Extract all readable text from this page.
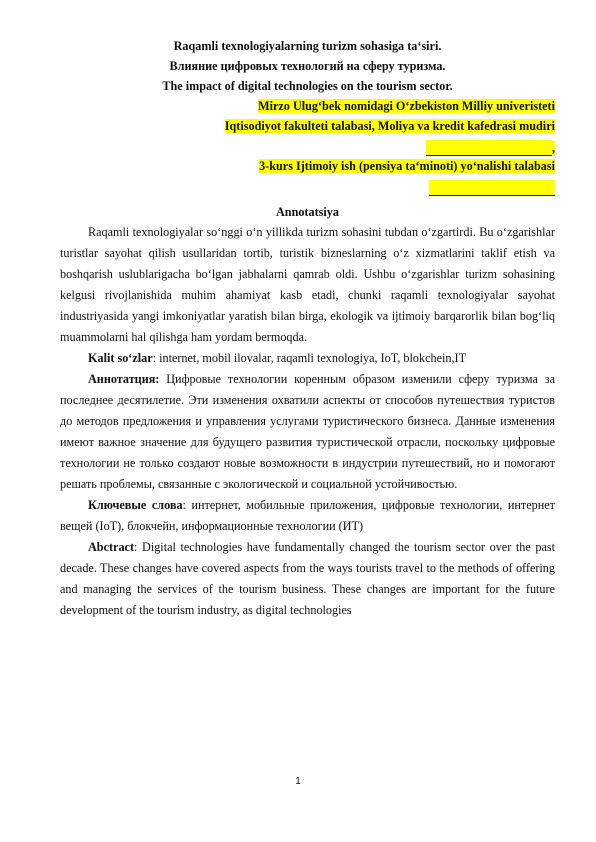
Raqamli texnologiyalarning turizm sohasiga ta‘siri.
Влияние цифровых технологий на сферу туризма.
The impact of digital technologies on the tourism sector.
Mirzo Ulug‘bek nomidagi O‘zbekiston Milliy univeristeti
Iqtisodiyot fakulteti talabasi, Moliya va kredit kafedrasi mudiri
,
3-kurs Ijtimoiy ish (pensiya ta‘minoti) yo‘nalishi talabasi
Annotatsiya

Raqamli texnologiyalar so‘nggi o‘n yillikda turizm sohasini tubdan o‘zgartirdi. Bu o‘zgarishlar turistlar sayohat qilish usullaridan tortib, turistik bizneslarning o‘z xizmatlarini taklif etish va boshqarish uslublarigacha bo‘lgan jabhalarni qamrab oldi. Ushbu o‘zgarishlar turizm sohasining kelgusi rivojlanishida muhim ahamiyat kasb etadi, chunki raqamli texnologiyalar sayohat industriyasida yangi imkoniyatlar yaratish bilan birga, ekologik va ijtimoiy barqarorlik bilan bog‘liq muammolarni hal qilishga ham yordam bermoqda.

Kalit so‘zlar: internet, mobil ilovalar, raqamli texnologiya, IoT, blokchein,IT

Аннотатция: Цифровые технологии коренным образом изменили сферу туризма за последнее десятилетие. Эти изменения охватили аспекты от способов путешествия туристов до методов предложения и управления услугами туристического бизнеса. Данные изменения имеют важное значение для будущего развития туристической отрасли, поскольку цифровые технологии не только создают новые возможности в индустрии путешествий, но и помогают решать проблемы, связанные с экологической и социальной устойчивостью.

Ключевые слова: интернет, мобильные приложения, цифровые технологии, интернет вещей (IoT), блокчейн, информационные технологии (ИТ)

Abctract: Digital technologies have fundamentally changed the tourism sector over the past decade. These changes have covered aspects from the ways tourists travel to the methods of offering and managing the services of the tourism business. These changes are important for the future development of the tourism industry, as digital technologies

1
